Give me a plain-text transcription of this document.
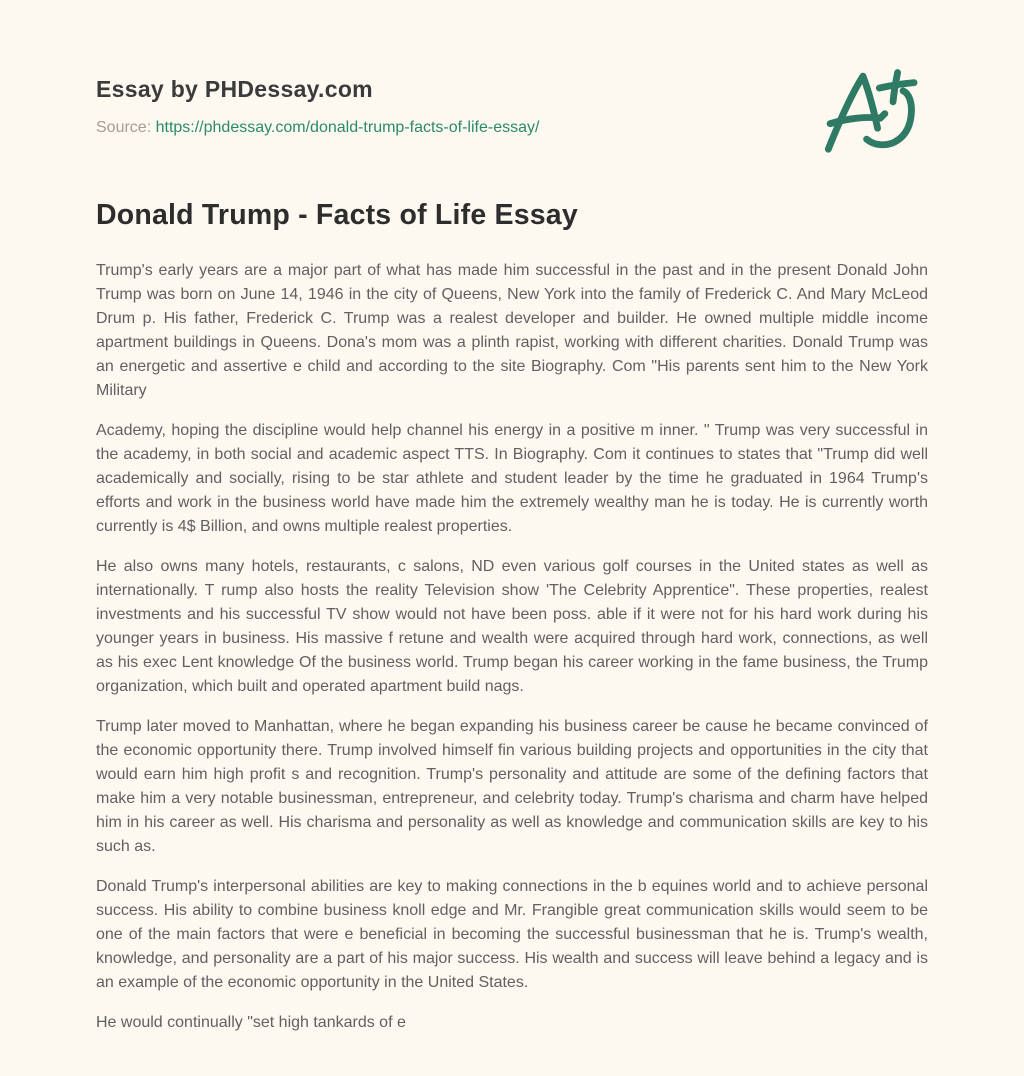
Essay by PHDessay.com

Source: https://phdessay.com/donald-trump-facts-of-life-essay/

Donald Trump - Facts of Life Essay

Trump's early years are a major part of what has made him successful in the past and in the present Donald John Trump was born on June 14, 1946 in the city of Queens, New York into the family of Frederick C. And Mary McLeod Drum p. His father, Frederick C. Trump was a realest developer and builder. He owned multiple middle income apartment buildings in Queens. Dona's mom was a plinth rapist, working with different charities. Donald Trump was an energetic and assertive e child and according to the site Biography. Com "His parents sent him to the New York Military

Academy, hoping the discipline would help channel his energy in a positive m inner. " Trump was very successful in the academy, in both social and academic aspect TTS. In Biography. Com it continues to states that "Trump did well academically and socially, rising to be star athlete and student leader by the time he graduated in 1964 Trump's efforts and work in the business world have made him the extremely wealthy man he is today. He is currently worth currently is 4$ Billion, and owns multiple realest properties.

He also owns many hotels, restaurants, c salons, ND even various golf courses in the United states as well as internationally. T rump also hosts the reality Television show 'The Celebrity Apprentice". These properties, realest investments and his successful TV show would not have been poss. able if it were not for his hard work during his younger years in business. His massive f retune and wealth were acquired through hard work, connections, as well as his exec Lent knowledge Of the business world. Trump began his career working in the fame business, the Trump organization, which built and operated apartment build nags.

Trump later moved to Manhattan, where he began expanding his business career be cause he became convinced of the economic opportunity there. Trump involved himself fin various building projects and opportunities in the city that would earn him high profit s and recognition. Trump's personality and attitude are some of the defining factors that make him a very notable businessman, entrepreneur, and celebrity today. Trump's charisma and charm have helped him in his career as well. His charisma and personality as well as knowledge and communication skills are key to his such as.

Donald Trump's interpersonal abilities are key to making connections in the b equines world and to achieve personal success. His ability to combine business knoll edge and Mr. Frangible great communication skills would seem to be one of the main factors that were e beneficial in becoming the successful businessman that he is. Trump's wealth, knowledge, and personality are a part of his major success. His wealth and success will leave behind a legacy and is an example of the economic opportunity in the United States.

He would continually "set high tankards of e
